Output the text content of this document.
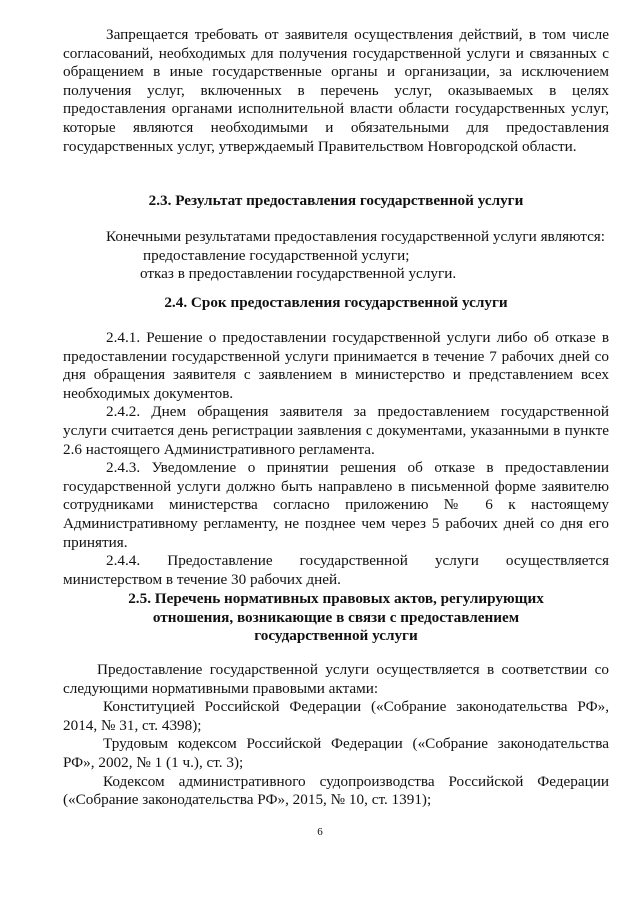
Запрещается требовать от заявителя осуществления действий, в том числе согласований, необходимых для получения государственной услуги и связанных с обращением в иные государственные органы и организации, за исключением получения услуг, включенных в перечень услуг, оказываемых в целях предоставления органами исполнительной власти области государственных услуг, которые являются необходимыми и обязательными для предоставления государственных услуг, утверждаемый Правительством Новгородской области.

2.3. Результат предоставления государственной услуги

Конечными результатами предоставления государственной услуги являются:

предоставление государственной услуги;

отказ в предоставлении государственной услуги.

2.4. Срок предоставления государственной услуги

2.4.1. Решение о предоставлении государственной услуги либо об отказе в предоставлении государственной услуги принимается в течение 7 рабочих дней со дня обращения заявителя с заявлением в министерство и представлением всех необходимых документов.

2.4.2. Днем обращения заявителя за предоставлением государственной услуги считается день регистрации заявления с документами, указанными в пункте 2.6 настоящего Административного регламента.

2.4.3. Уведомление о принятии решения об отказе в предоставлении государственной услуги должно быть направлено в письменной форме заявителю сотрудниками министерства согласно приложению № 6 к настоящему Административному регламенту, не позднее чем через 5 рабочих дней со дня его принятия.

2.4.4. Предоставление государственной услуги осуществляется министерством в течение 30 рабочих дней.

2.5. Перечень нормативных правовых актов, регулирующих
отношения, возникающие в связи с предоставлением
государственной услуги

Предоставление государственной услуги осуществляется в соответствии со следующими нормативными правовыми актами:

Конституцией Российской Федерации («Собрание законодательства РФ», 2014, № 31, ст. 4398);

Трудовым кодексом Российской Федерации («Собрание законодательства РФ», 2002, № 1 (1 ч.), ст. 3);

Кодексом административного судопроизводства Российской Федерации («Собрание законодательства РФ», 2015, № 10, ст. 1391);

6
